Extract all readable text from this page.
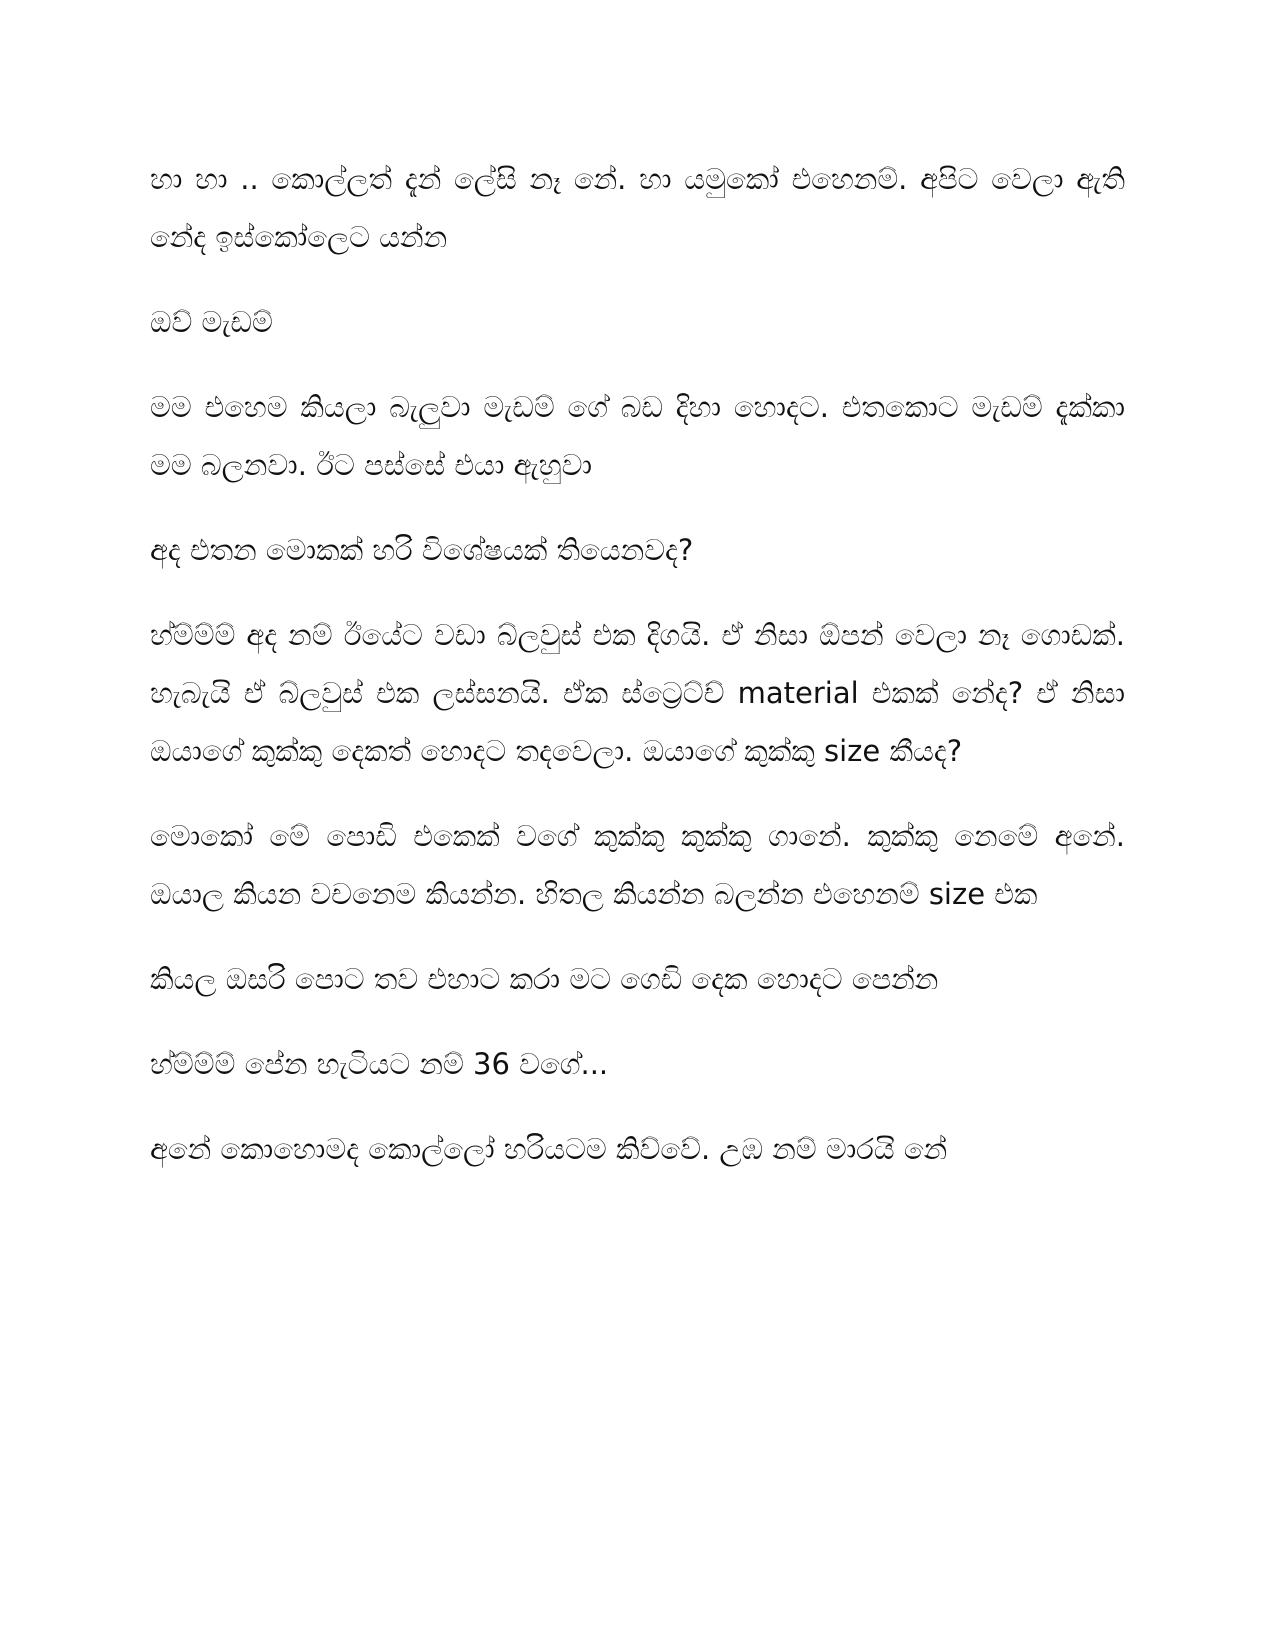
හා හා .. කොල්ලත් දැන් ලේසි නෑ නේ. හා යමුකෝ එහෙනම්. අපිට වෙලා ඇති නේද ඉස්කෝලෙට යන්න

ඔව් මැඩම්

මම එහෙම කියලා බැලුවා මැඩම් ගේ බඩ දිහා හොදට. එතකොට මැඩම් දැක්කා මම බලනවා. ඊට පස්සේ එයා ඇහුවා

අද එතන මොකක් හරි විශේෂයක් තියෙනවද?

හ්ම්ම්ම් අද නම් ඊයේට වඩා බ්ලවුස් එක දිගයි. ඒ නිසා ඕපන් වෙලා නෑ ගොඩක්. හැබැයි ඒ බ්ලවුස් එක ලස්සනයි. ඒක ස්ට්‍රෙට්ච් material එකක් නේද? ඒ නිසා ඔයාගේ කුක්කු දෙකත් හොදට තදවෙලා. ඔයාගේ කුක්කු size කීයද?

මොකෝ මේ පොඩි එකෙක් වගේ කුක්කු කුක්කු ගානේ. කුක්කු නෙමේ අනේ. ඔයාල කියන වචනෙම කියන්න. හිතල කියන්න බලන්න එහෙනම් size එක

කියල ඔසරි පොට තව එහාට කරා මට ගෙඩි දෙක හොදට පෙන්න

හ්ම්ම්ම් පේන හැටියට නම් 36 වගේ...

අනේ කොහොමද කොල්ලෝ හරියටම කිව්වේ. උඹ නම් මාරයි නේ
